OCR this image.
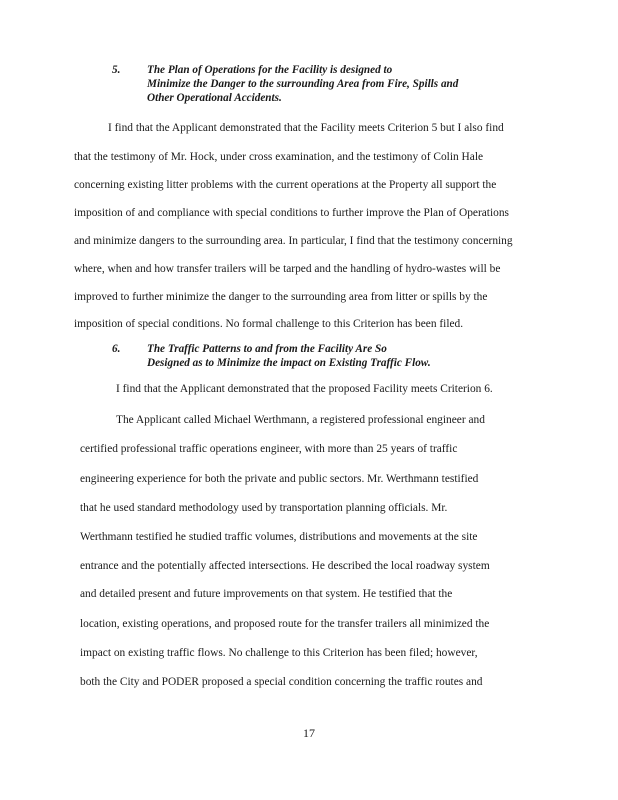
5. The Plan of Operations for the Facility is designed to
Minimize the Danger to the surrounding Area from Fire, Spills and
Other Operational Accidents.
I find that the Applicant demonstrated that the Facility meets Criterion 5 but I also find
that the testimony of Mr. Hock, under cross examination, and the testimony of Colin Hale
concerning existing litter problems with the current operations at the Property all support the
imposition of and compliance with special conditions to further improve the Plan of Operations
and minimize dangers to the surrounding area. In particular, I find that the testimony concerning
where, when and how transfer trailers will be tarped and the handling of hydro-wastes will be
improved to further minimize the danger to the surrounding area from litter or spills by the
imposition of special conditions. No formal challenge to this Criterion has been filed.
6. The Traffic Patterns to and from the Facility Are So
Designed as to Minimize the impact on Existing Traffic Flow.
I find that the Applicant demonstrated that the proposed Facility meets Criterion 6.
The Applicant called Michael Werthmann, a registered professional engineer and
certified professional traffic operations engineer, with more than 25 years of traffic
engineering experience for both the private and public sectors. Mr. Werthmann testified
that he used standard methodology used by transportation planning officials. Mr.
Werthmann testified he studied traffic volumes, distributions and movements at the site
entrance and the potentially affected intersections. He described the local roadway system
and detailed present and future improvements on that system. He testified that the
location, existing operations, and proposed route for the transfer trailers all minimized the
impact on existing traffic flows. No challenge to this Criterion has been filed; however,
both the City and PODER proposed a special condition concerning the traffic routes and
17
